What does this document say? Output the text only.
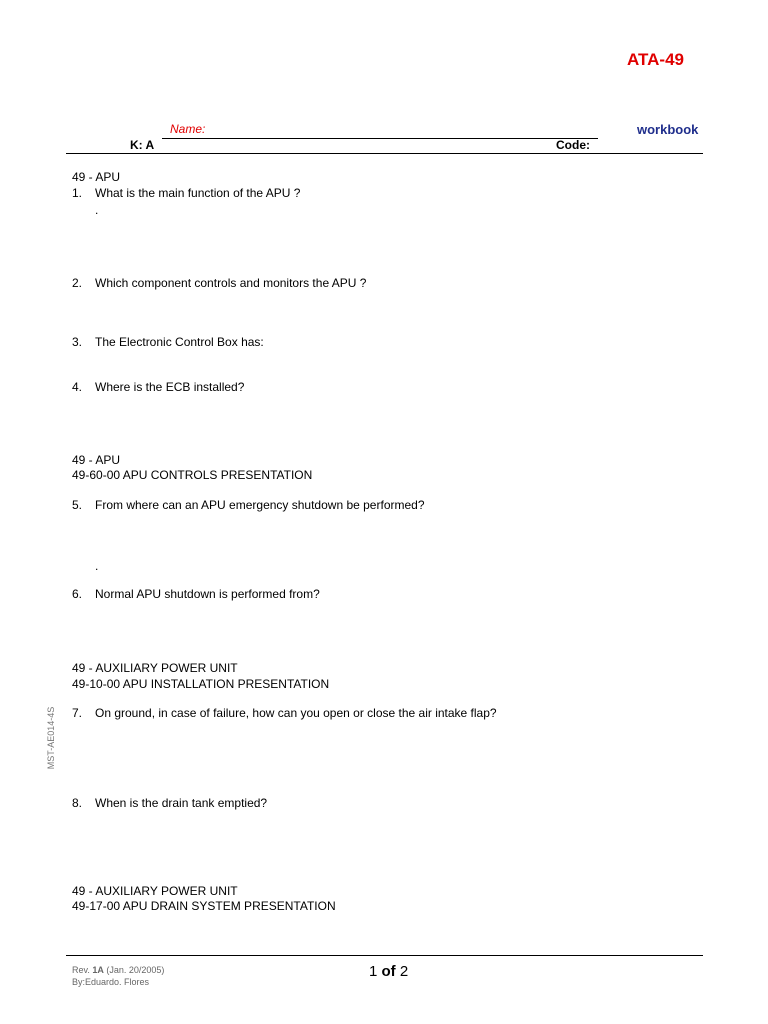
ATA-49
Name:	workbook
K: A	Code:
49 - APU
1. What is the main function of the APU ?
.
2. Which component controls and monitors the APU ?
3. The Electronic Control Box has:
4. Where is the ECB installed?
49 - APU
49-60-00 APU CONTROLS PRESENTATION
5. From where can an APU emergency shutdown be performed?
.
6. Normal APU shutdown is performed from?
49 - AUXILIARY POWER UNIT
49-10-00 APU INSTALLATION PRESENTATION
7. On ground, in case of failure, how can you open or close the air intake flap?
MST-AE014-4S
8. When is the drain tank emptied?
49 - AUXILIARY POWER UNIT
49-17-00 APU DRAIN SYSTEM PRESENTATION
Rev. 1A (Jan. 20/2005)
By:Eduardo. Flores
1 of 2
